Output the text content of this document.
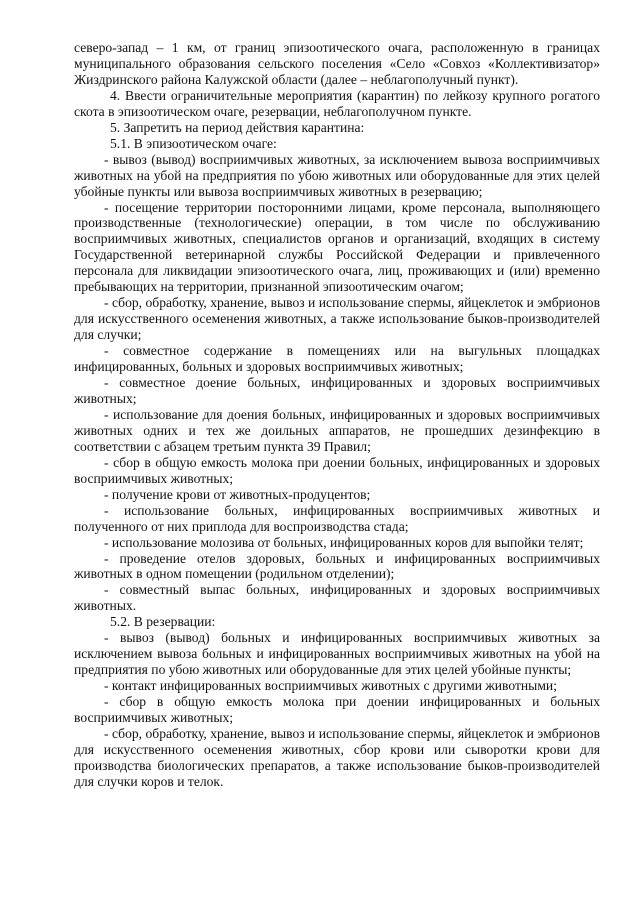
северо-запад – 1 км, от границ эпизоотического очага, расположенную в границах муниципального образования сельского поселения «Село «Совхоз «Коллективизатор» Жиздринского района Калужской области (далее – неблагополучный пункт).

4. Ввести ограничительные мероприятия (карантин) по лейкозу крупного рогатого скота в эпизоотическом очаге, резервации, неблагополучном пункте.

5. Запретить на период действия карантина:

5.1. В эпизоотическом очаге:

- вывоз (вывод) восприимчивых животных, за исключением вывоза восприимчивых животных на убой на предприятия по убою животных или оборудованные для этих целей убойные пункты или вывоза восприимчивых животных в резервацию;

- посещение территории посторонними лицами, кроме персонала, выполняющего производственные (технологические) операции, в том числе по обслуживанию восприимчивых животных, специалистов органов и организаций, входящих в систему Государственной ветеринарной службы Российской Федерации и привлеченного персонала для ликвидации эпизоотического очага, лиц, проживающих и (или) временно пребывающих на территории, признанной эпизоотическим очагом;

- сбор, обработку, хранение, вывоз и использование спермы, яйцеклеток и эмбрионов для искусственного осеменения животных, а также использование быков-производителей для случки;

- совместное содержание в помещениях или на выгульных площадках инфицированных, больных и здоровых восприимчивых животных;

- совместное доение больных, инфицированных и здоровых восприимчивых животных;

- использование для доения больных, инфицированных и здоровых восприимчивых животных одних и тех же доильных аппаратов, не прошедших дезинфекцию в соответствии с абзацем третьим пункта 39 Правил;

- сбор в общую емкость молока при доении больных, инфицированных и здоровых восприимчивых животных;

- получение крови от животных-продуцентов;

- использование больных, инфицированных восприимчивых животных и полученного от них приплода для воспроизводства стада;

- использование молозива от больных, инфицированных коров для выпойки телят;

- проведение отелов здоровых, больных и инфицированных восприимчивых животных в одном помещении (родильном отделении);

- совместный выпас больных, инфицированных и здоровых восприимчивых животных.

5.2. В резервации:

- вывоз (вывод) больных и инфицированных восприимчивых животных за исключением вывоза больных и инфицированных восприимчивых животных на убой на предприятия по убою животных или оборудованные для этих целей убойные пункты;

- контакт инфицированных восприимчивых животных с другими животными;

- сбор в общую емкость молока при доении инфицированных и больных восприимчивых животных;

- сбор, обработку, хранение, вывоз и использование спермы, яйцеклеток и эмбрионов для искусственного осеменения животных, сбор крови или сыворотки крови для производства биологических препаратов, а также использование быков-производителей для случки коров и телок.
